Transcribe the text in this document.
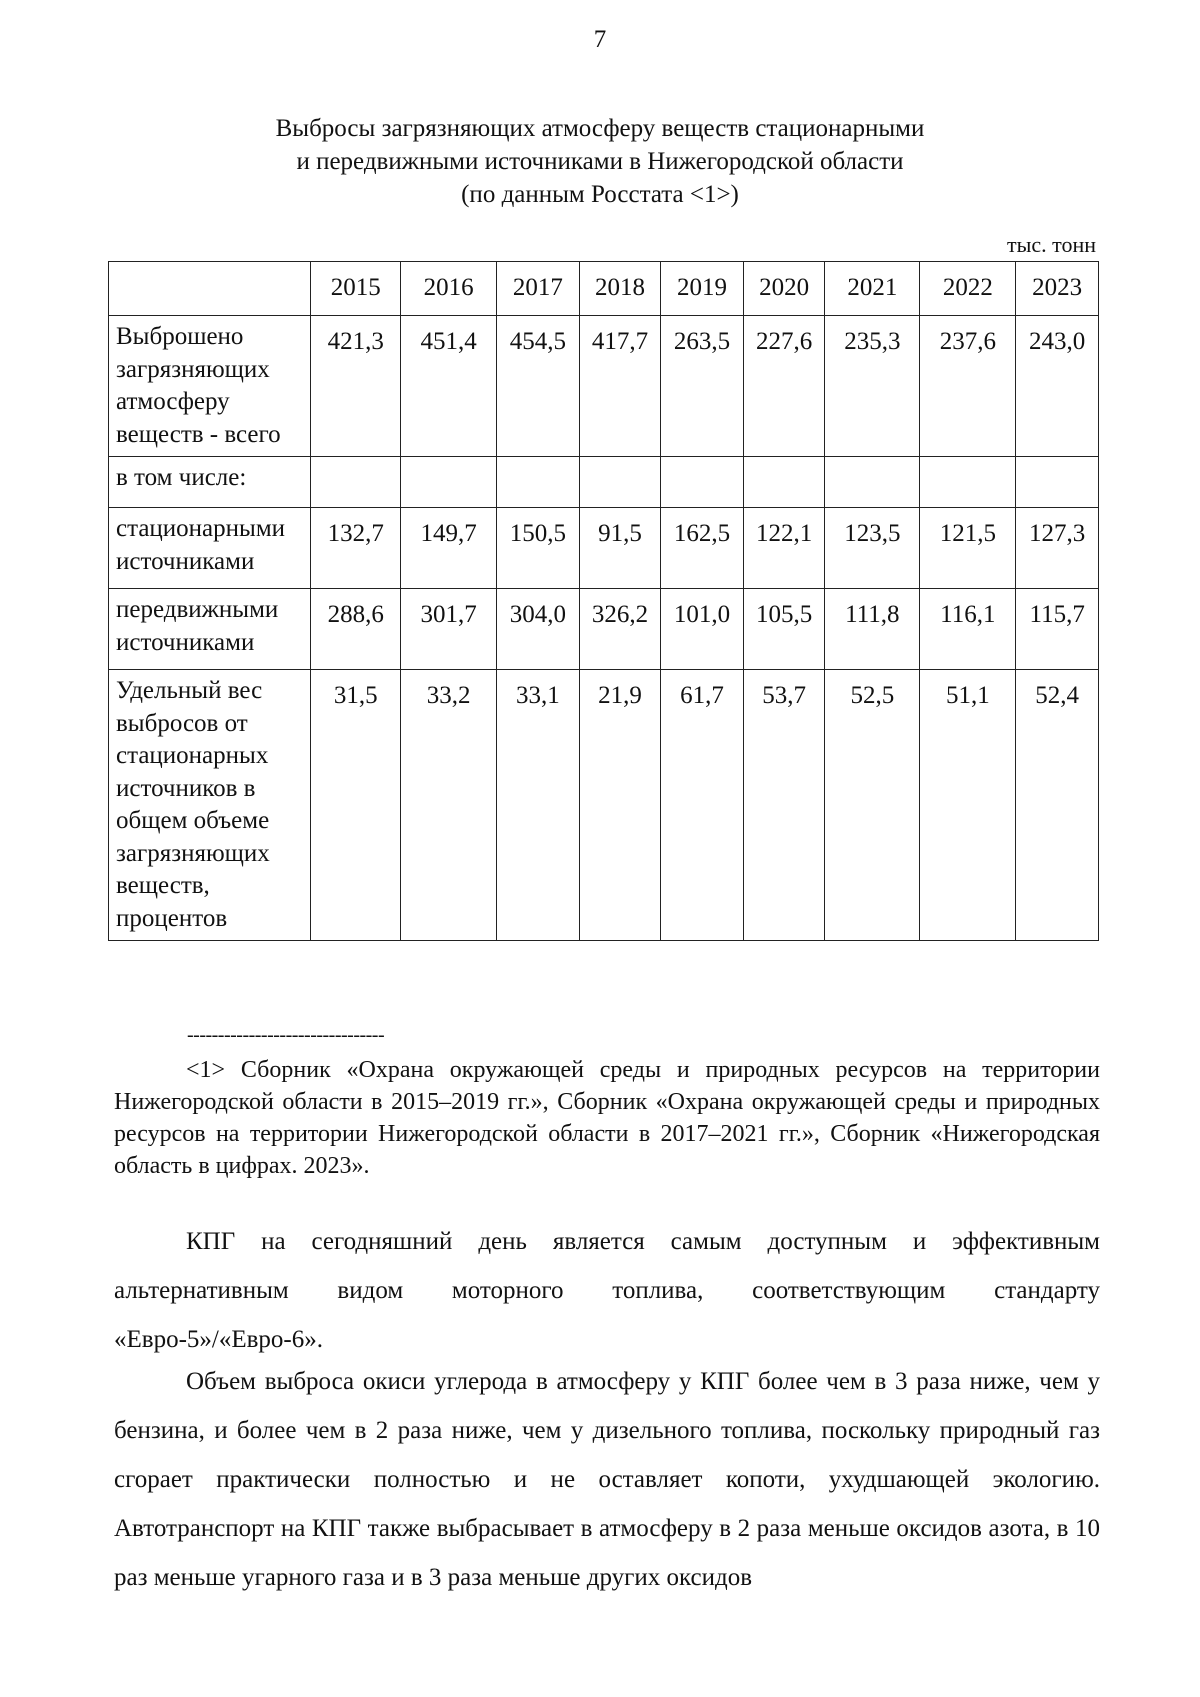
7
Выбросы загрязняющих атмосферу веществ стационарными
и передвижными источниками в Нижегородской области
(по данным Росстата <1>)
тыс. тонн
	2015	2016	2017	2018	2019	2020	2021	2022	2023
Выброшено загрязняющих атмосферу веществ - всего	421,3	451,4	454,5	417,7	263,5	227,6	235,3	237,6	243,0
в том числе:									
стационарными источниками	132,7	149,7	150,5	91,5	162,5	122,1	123,5	121,5	127,3
передвижными источниками	288,6	301,7	304,0	326,2	101,0	105,5	111,8	116,1	115,7
Удельный вес выбросов от стационарных источников в общем объеме загрязняющих веществ, процентов	31,5	33,2	33,1	21,9	61,7	53,7	52,5	51,1	52,4
--------------------------------
<1> Сборник «Охрана окружающей среды и природных ресурсов на территории Нижегородской области в 2015–2019 гг.», Сборник «Охрана окружающей среды и природных ресурсов на территории Нижегородской области в 2017–2021 гг.», Сборник «Нижегородская область в цифрах. 2023».

КПГ на сегодняшний день является самым доступным и эффективным альтернативным видом моторного топлива, соответствующим стандарту «Евро-5»/«Евро-6».

Объем выброса окиси углерода в атмосферу у КПГ более чем в 3 раза ниже, чем у бензина, и более чем в 2 раза ниже, чем у дизельного топлива, поскольку природный газ сгорает практически полностью и не оставляет копоти, ухудшающей экологию. Автотранспорт на КПГ также выбрасывает в атмосферу в 2 раза меньше оксидов азота, в 10 раз меньше угарного газа и в 3 раза меньше других оксидов
